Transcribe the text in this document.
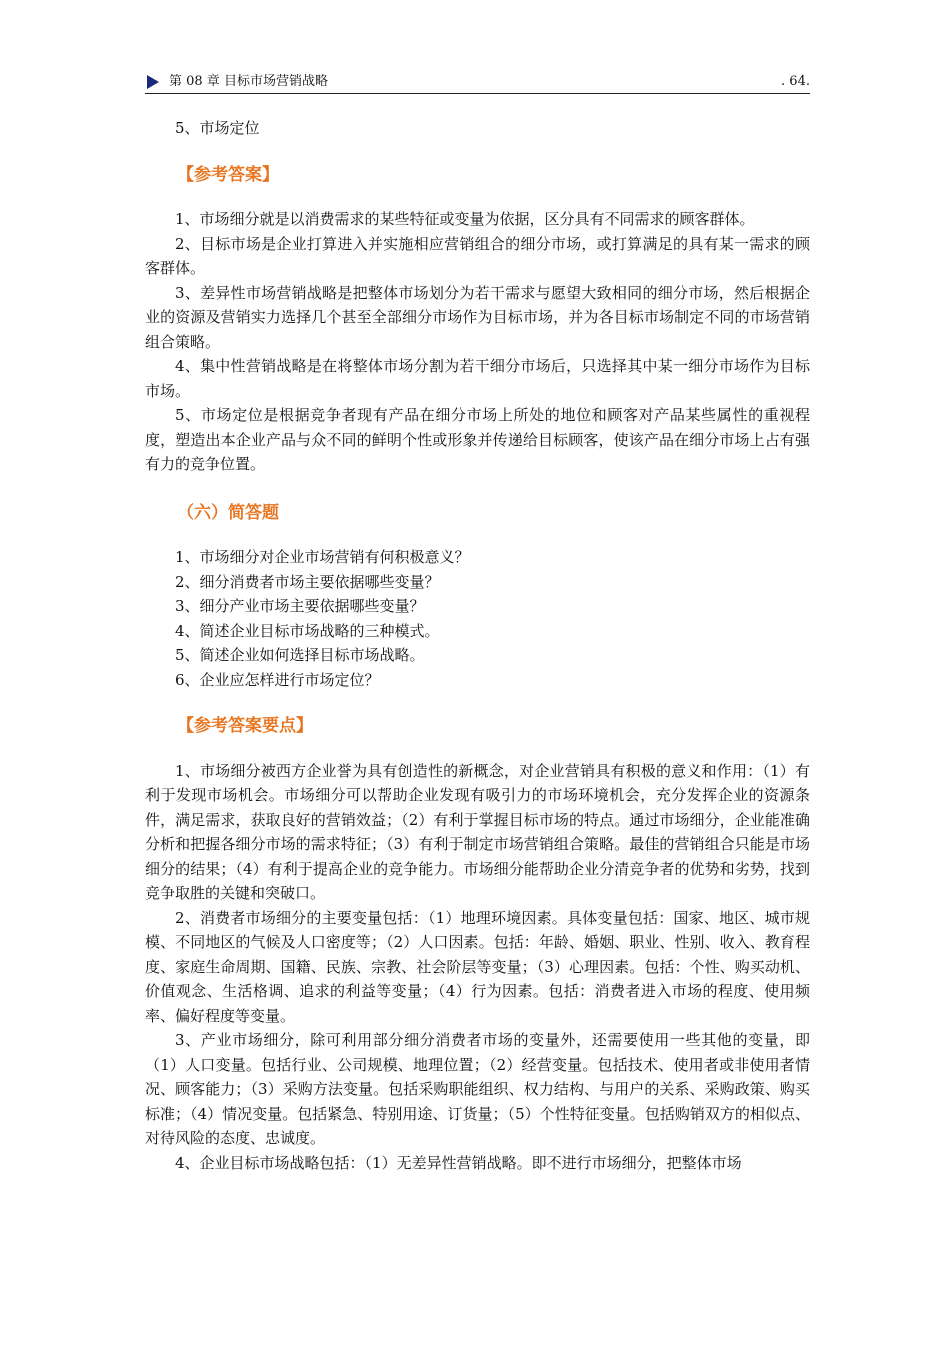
第 08 章 目标市场营销战略	. 64.

5、市场定位

【参考答案】

1、市场细分就是以消费需求的某些特征或变量为依据，区分具有不同需求的顾客群体。

2、目标市场是企业打算进入并实施相应营销组合的细分市场，或打算满足的具有某一需求的顾客群体。

3、差异性市场营销战略是把整体市场划分为若干需求与愿望大致相同的细分市场，然后根据企业的资源及营销实力选择几个甚至全部细分市场作为目标市场，并为各目标市场制定不同的市场营销组合策略。

4、集中性营销战略是在将整体市场分割为若干细分市场后，只选择其中某一细分市场作为目标市场。

5、市场定位是根据竞争者现有产品在细分市场上所处的地位和顾客对产品某些属性的重视程度，塑造出本企业产品与众不同的鲜明个性或形象并传递给目标顾客，使该产品在细分市场上占有强有力的竞争位置。

（六）简答题

1、市场细分对企业市场营销有何积极意义？

2、细分消费者市场主要依据哪些变量？

3、细分产业市场主要依据哪些变量？

4、简述企业目标市场战略的三种模式。

5、简述企业如何选择目标市场战略。

6、企业应怎样进行市场定位？

【参考答案要点】

1、市场细分被西方企业誉为具有创造性的新概念，对企业营销具有积极的意义和作用：（1）有利于发现市场机会。市场细分可以帮助企业发现有吸引力的市场环境机会，充分发挥企业的资源条件，满足需求，获取良好的营销效益；（2）有利于掌握目标市场的特点。通过市场细分，企业能准确分析和把握各细分市场的需求特征；（3）有利于制定市场营销组合策略。最佳的营销组合只能是市场细分的结果；（4）有利于提高企业的竞争能力。市场细分能帮助企业分清竞争者的优势和劣势，找到竞争取胜的关键和突破口。

2、消费者市场细分的主要变量包括：（1）地理环境因素。具体变量包括：国家、地区、城市规模、不同地区的气候及人口密度等；（2）人口因素。包括：年龄、婚姻、职业、性别、收入、教育程度、家庭生命周期、国籍、民族、宗教、社会阶层等变量；（3）心理因素。包括：个性、购买动机、价值观念、生活格调、追求的利益等变量；（4）行为因素。包括：消费者进入市场的程度、使用频率、偏好程度等变量。

3、产业市场细分，除可利用部分细分消费者市场的变量外，还需要使用一些其他的变量，即（1）人口变量。包括行业、公司规模、地理位置；（2）经营变量。包括技术、使用者或非使用者情况、顾客能力；（3）采购方法变量。包括采购职能组织、权力结构、与用户的关系、采购政策、购买标准；（4）情况变量。包括紧急、特别用途、订货量；（5）个性特征变量。包括购销双方的相似点、对待风险的态度、忠诚度。

4、企业目标市场战略包括：（1）无差异性营销战略。即不进行市场细分，把整体市场
